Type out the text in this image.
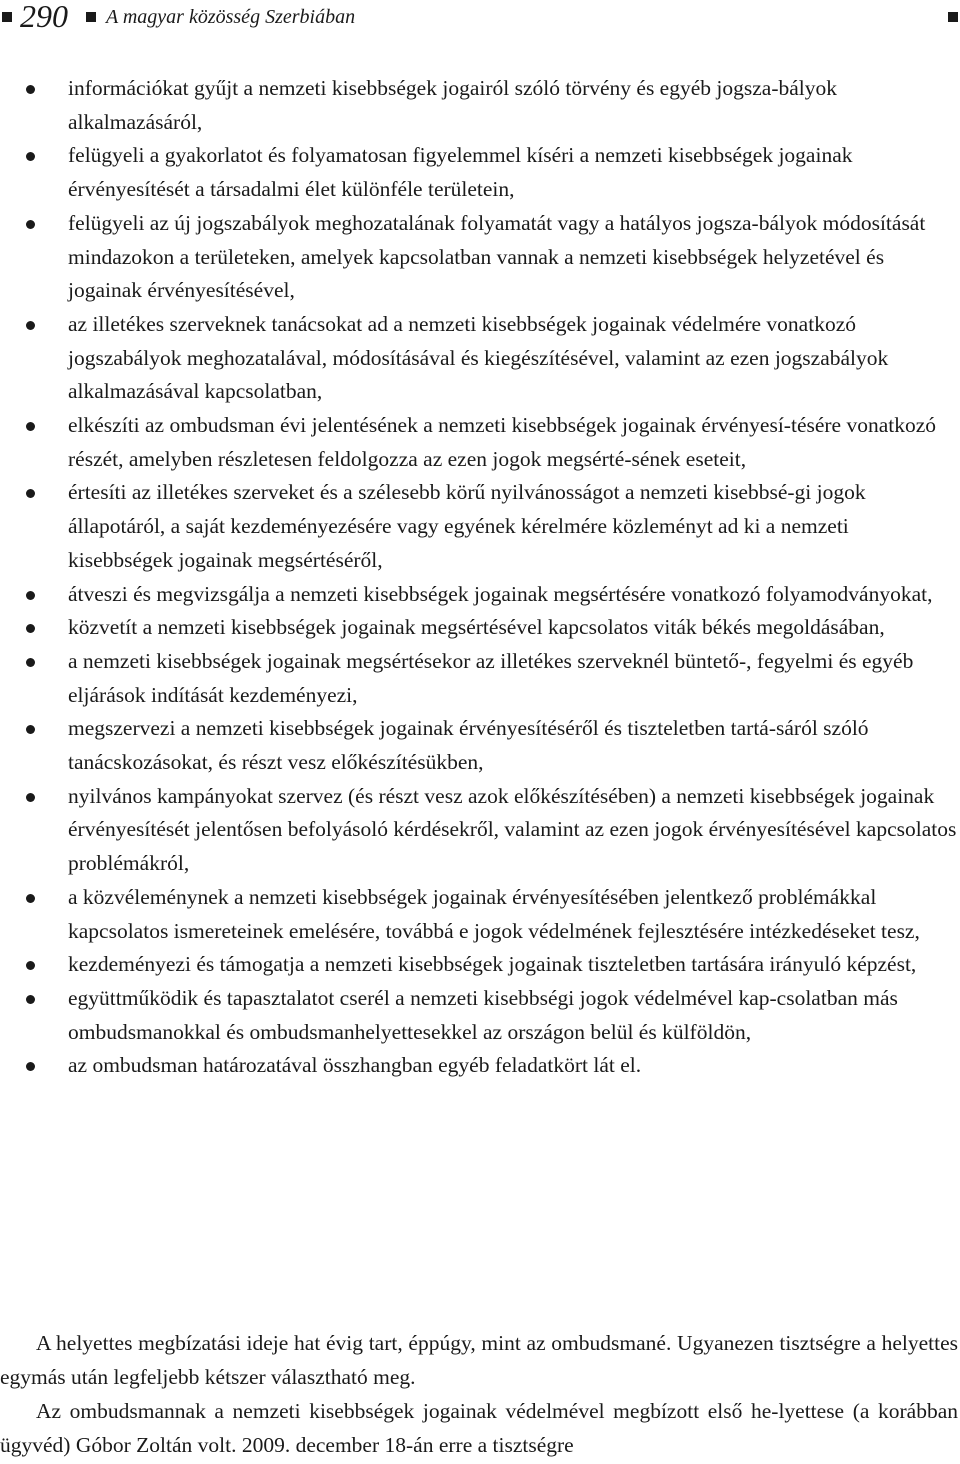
290 A magyar közösség Szerbiában
információkat gyűjt a nemzeti kisebbségek jogairól szóló törvény és egyéb jogsza-bályok alkalmazásáról,
felügyeli a gyakorlatot és folyamatosan figyelemmel kíséri a nemzeti kisebbségek jogainak érvényesítését a társadalmi élet különféle területein,
felügyeli az új jogszabályok meghozatalának folyamatát vagy a hatályos jogsza-bályok módosítását mindazokon a területeken, amelyek kapcsolatban vannak a nemzeti kisebbségek helyzetével és jogainak érvényesítésével,
az illetékes szerveknek tanácsokat ad a nemzeti kisebbségek jogainak védelmére vonatkozó jogszabályok meghozatalával, módosításával és kiegészítésével, valamint az ezen jogszabályok alkalmazásával kapcsolatban,
elkészíti az ombudsman évi jelentésének a nemzeti kisebbségek jogainak érvényesí-tésére vonatkozó részét, amelyben részletesen feldolgozza az ezen jogok megsérté-sének eseteit,
értesíti az illetékes szerveket és a szélesebb körű nyilvánosságot a nemzeti kisebbsé-gi jogok állapotáról, a saját kezdeményezésére vagy egyének kérelmére közleményt ad ki a nemzeti kisebbségek jogainak megsértéséről,
átveszi és megvizsgálja a nemzeti kisebbségek jogainak megsértésére vonatkozó folyamodványokat,
közvetít a nemzeti kisebbségek jogainak megsértésével kapcsolatos viták békés megoldásában,
a nemzeti kisebbségek jogainak megsértésekor az illetékes szerveknél büntető-, fegyelmi és egyéb eljárások indítását kezdeményezi,
megszervezi a nemzeti kisebbségek jogainak érvényesítéséről és tiszteletben tartá-sáról szóló tanácskozásokat, és részt vesz előkészítésükben,
nyilvános kampányokat szervez (és részt vesz azok előkészítésében) a nemzeti kisebbségek jogainak érvényesítését jelentősen befolyásoló kérdésekről, valamint az ezen jogok érvényesítésével kapcsolatos problémákról,
a közvéleménynek a nemzeti kisebbségek jogainak érvényesítésében jelentkező problémákkal kapcsolatos ismereteinek emelésére, továbbá e jogok védelmének fejlesztésére intézkedéseket tesz,
kezdeményezi és támogatja a nemzeti kisebbségek jogainak tiszteletben tartására irányuló képzést,
együttműködik és tapasztalatot cserél a nemzeti kisebbségi jogok védelmével kap-csolatban más ombudsmanokkal és ombudsmanhelyettesekkel az országon belül és külföldön,
az ombudsman határozatával összhangban egyéb feladatkört lát el.

A helyettes megbízatási ideje hat évig tart, éppúgy, mint az ombudsmané. Ugyanezen tisztségre a helyettes egymás után legfeljebb kétszer választható meg.

Az ombudsmannak a nemzeti kisebbségek jogainak védelmével megbízott első he-lyettese (a korábban ügyvéd) Góbor Zoltán volt. 2009. december 18-án erre a tisztségre
